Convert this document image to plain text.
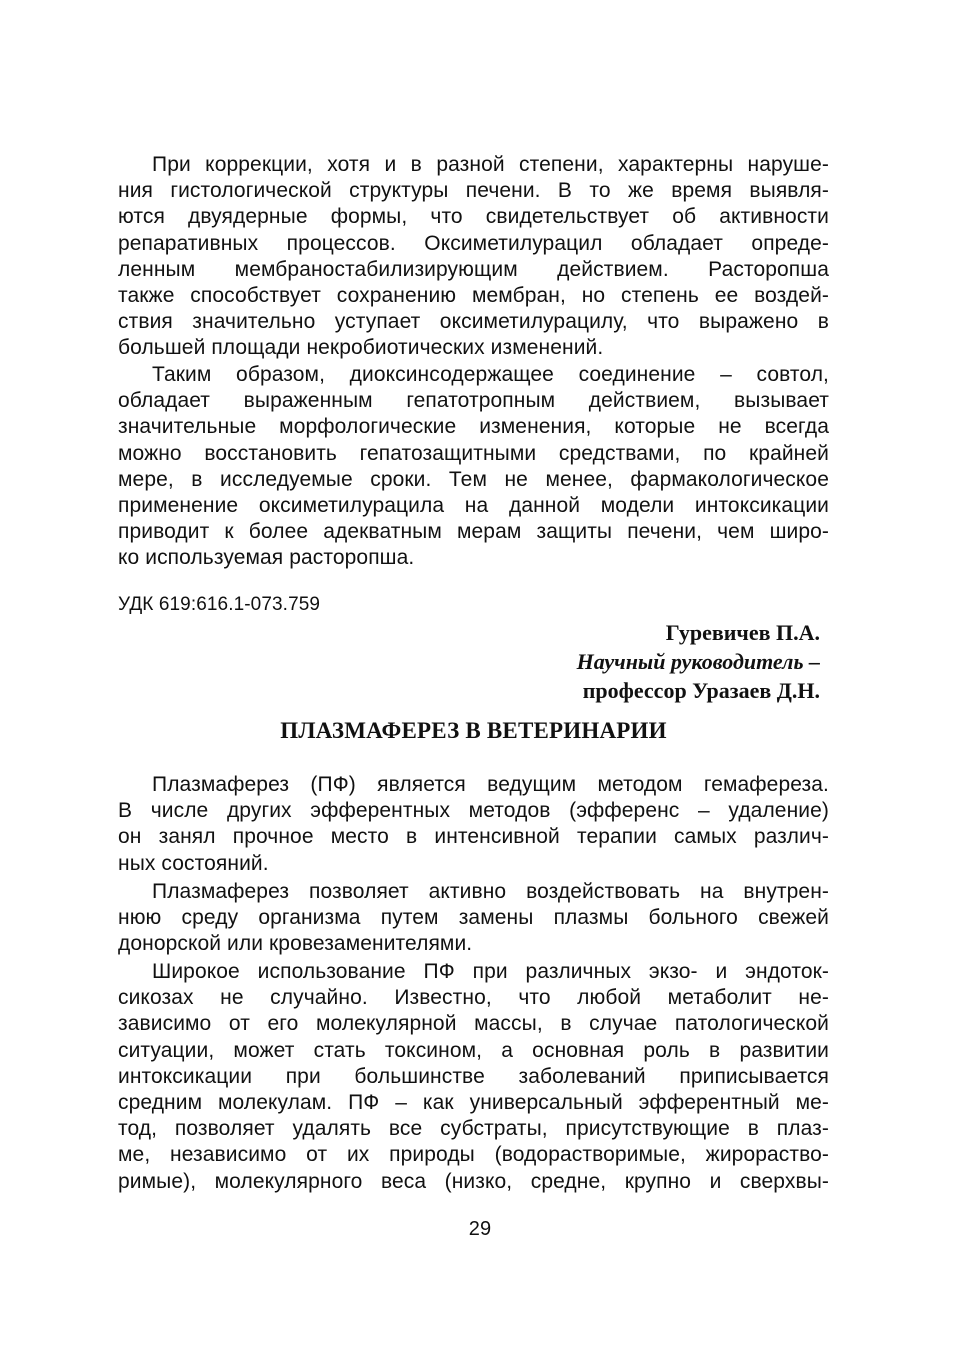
При коррекции, хотя и в разной степени, характерны наруше-
ния гистологической структуры печени. В то же время выявля-
ются двуядерные формы, что свидетельствует об активности
репаративных процессов. Оксиметилурацил обладает опреде-
ленным мембраностабилизирующим действием. Расторопша
также способствует сохранению мембран, но степень ее воздей-
ствия значительно уступает оксиметилурацилу, что выражено в
большей площади некробиотических изменений.
Таким образом, диоксинсодержащее соединение – совтол,
обладает выраженным гепатотропным действием, вызывает
значительные морфологические изменения, которые не всегда
можно восстановить гепатозащитными средствами, по крайней
мере, в исследуемые сроки. Тем не менее, фармакологическое
применение оксиметилурацила на данной модели интоксикации
приводит к более адекватным мерам защиты печени, чем широ-
ко используемая расторопша.
УДК 619:616.1-073.759
Гуревичев П.А.
Научный руководитель –
профессор Уразаев Д.Н.
ПЛАЗМАФЕРЕЗ В ВЕТЕРИНАРИИ
Плазмаферез (ПФ) является ведущим методом гемафереза.
В числе других эфферентных методов (эфференс – удаление)
он занял прочное место в интенсивной терапии самых различ-
ных состояний.
Плазмаферез позволяет активно воздействовать на внутрен-
нюю среду организма путем замены плазмы больного свежей
донорской или кровезаменителями.
Широкое использование ПФ при различных экзо- и эндоток-
сикозах не случайно. Известно, что любой метаболит не-
зависимо от его молекулярной массы, в случае патологической
ситуации, может стать токсином, а основная роль в развитии
интоксикации при большинстве заболеваний приписывается
средним молекулам. ПФ – как универсальный эфферентный ме-
тод, позволяет удалять все субстраты, присутствующие в плаз-
ме, независимо от их природы (водорастворимые, жирораство-
римые), молекулярного веса (низко, средне, крупно и сверхвы-
29
